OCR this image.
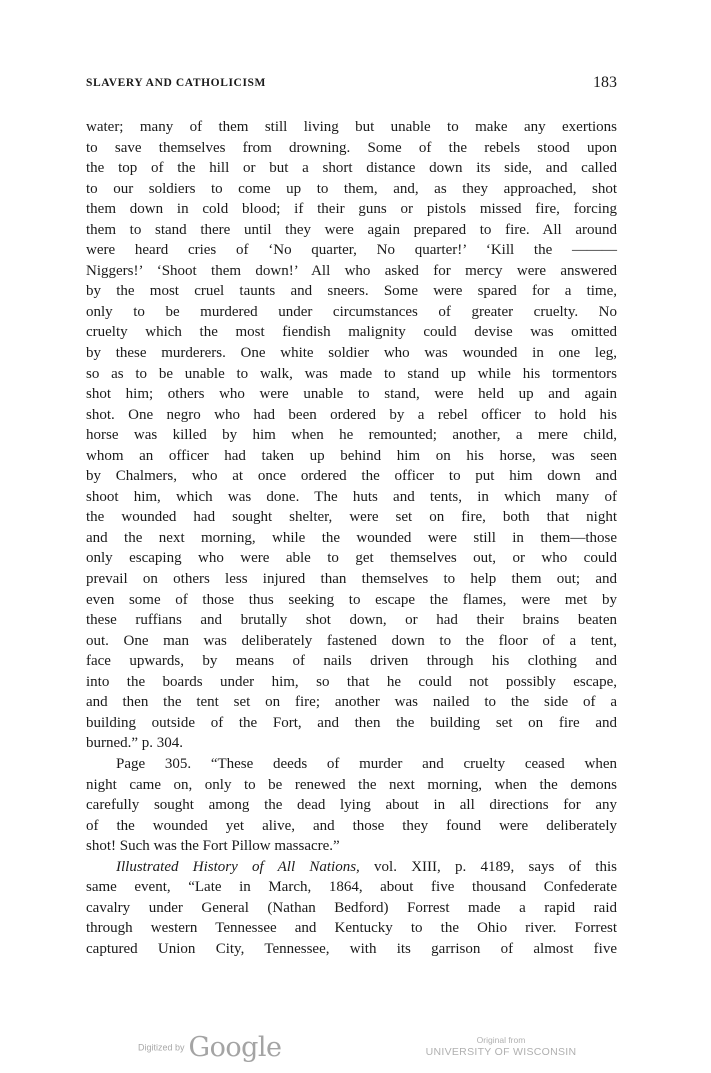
SLAVERY AND CATHOLICISM	183
water; many of them still living but unable to make any exertions
to save themselves from drowning. Some of the rebels stood upon
the top of the hill or but a short distance down its side, and called
to our soldiers to come up to them, and, as they approached, shot
them down in cold blood; if their guns or pistols missed fire, forcing
them to stand there until they were again prepared to fire. All around
were heard cries of ‘No quarter, No quarter!’ ‘Kill the ———
Niggers!’ ‘Shoot them down!’ All who asked for mercy were answered
by the most cruel taunts and sneers. Some were spared for a time,
only to be murdered under circumstances of greater cruelty. No
cruelty which the most fiendish malignity could devise was omitted
by these murderers. One white soldier who was wounded in one leg,
so as to be unable to walk, was made to stand up while his tormentors
shot him; others who were unable to stand, were held up and again
shot. One negro who had been ordered by a rebel officer to hold his
horse was killed by him when he remounted; another, a mere child,
whom an officer had taken up behind him on his horse, was seen
by Chalmers, who at once ordered the officer to put him down and
shoot him, which was done. The huts and tents, in which many of
the wounded had sought shelter, were set on fire, both that night
and the next morning, while the wounded were still in them—those
only escaping who were able to get themselves out, or who could
prevail on others less injured than themselves to help them out; and
even some of those thus seeking to escape the flames, were met by
these ruffians and brutally shot down, or had their brains beaten
out. One man was deliberately fastened down to the floor of a tent,
face upwards, by means of nails driven through his clothing and
into the boards under him, so that he could not possibly escape,
and then the tent set on fire; another was nailed to the side of a
building outside of the Fort, and then the building set on fire and
burned.” p. 304.
Page 305. “These deeds of murder and cruelty ceased when
night came on, only to be renewed the next morning, when the demons
carefully sought among the dead lying about in all directions for any
of the wounded yet alive, and those they found were deliberately
shot! Such was the Fort Pillow massacre.”
Illustrated History of All Nations, vol. XIII, p. 4189, says of this
same event, “Late in March, 1864, about five thousand Confederate
cavalry under General (Nathan Bedford) Forrest made a rapid raid
through western Tennessee and Kentucky to the Ohio river. Forrest
captured Union City, Tennessee, with its garrison of almost five
Digitized by Google	Original from
UNIVERSITY OF WISCONSIN
